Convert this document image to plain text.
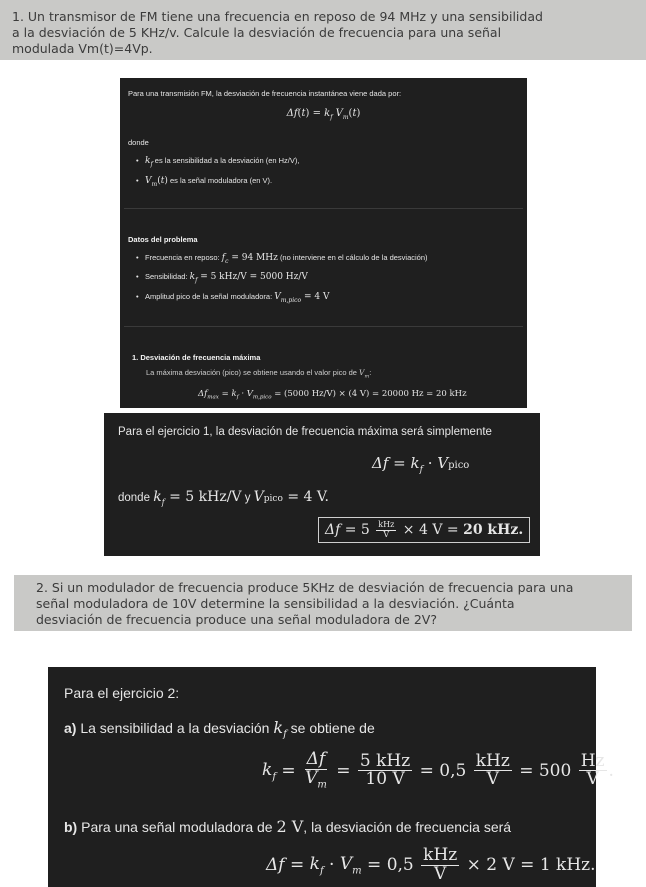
1. Un transmisor de FM tiene una frecuencia en reposo de 94 MHz y una sensibilidad
a la desviación de 5 KHz/v. Calcule la desviación de frecuencia para una señal
modulada Vm(t)=4Vp.
Para una transmisión FM, la desviación de frecuencia instantánea viene dada por:
$\Delta f(t) = k_f$ $V_m(t)$
donde
$k_f$ es la sensibilidad a la desviación (en Hz/V),
$V_m(t)$ es la señal moduladora (en V).
Datos del problema
Frecuencia en reposo: $f_c = 94$ MHz (no interviene en el cálculo de la desviación)
Sensibilidad: $k_f = 5$ kHz/V = 5000 Hz/V
Amplitud pico de la señal moduladora: $V_{m,pico} = 4$ V
1. Desviación de frecuencia máxima
La máxima desviación (pico) se obtiene usando el valor pico de $V_m$:
$\Delta f_{max} = k_f \cdot V_{m,pico} = (5000$ Hz/V) × (4 V) = 20000 Hz = 20 kHz
Para el ejercicio 1, la desviación de frecuencia máxima será simplemente
$\Delta f = k_f$ · Vpico
donde $k_f = 5$ kHz/V y Vpico = 4 V.
$\Delta f = 5 \frac{\text{kHz}}{V} \times 4$ V = 20 kHz.
2. Si un modulador de frecuencia produce 5KHz de desviación de frecuencia para una
señal moduladora de 10V determine la sensibilidad a la desviación. ¿Cuánta
desviación de frecuencia produce una señal moduladora de 2V?
Para el ejercicio 2:
a) La sensibilidad a la desviación $k_f$ se obtiene de
$k_f = \frac{\Delta f}{V_m} = \frac{\text{5 kHz}}{10 V} = 0,5 \frac{\text{kHz}}{V} = 500 \frac{Hz}{V}$ .
b) Para una señal moduladora de 2 V, la desviación de frecuencia será
$\Delta f = k_f \cdot V_m = 0,5 \frac{\text{kHz}}{V} \times 2$ V = 1 kHz.
